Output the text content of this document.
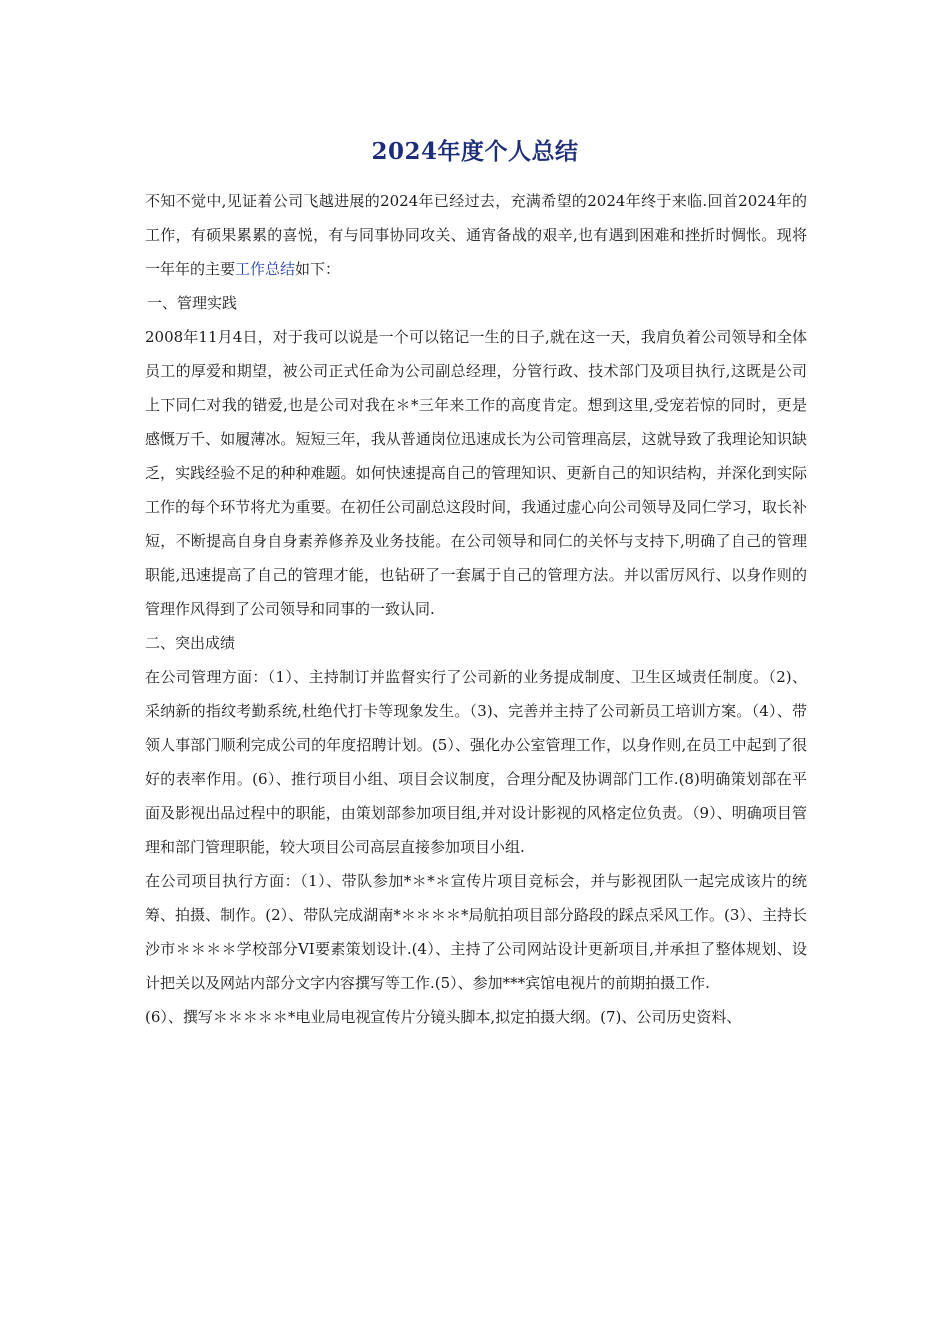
2024年度个人总结

不知不觉中,见证着公司飞越进展的2024年已经过去，充满希望的2024年终于来临.回首2024年的工作，有硕果累累的喜悦，有与同事协同攻关、通宵备战的艰辛,也有遇到困难和挫折时惆怅。现将一年年的主要工作总结如下：

一、管理实践

2008年11月4日，对于我可以说是一个可以铭记一生的日子,就在这一天，我肩负着公司领导和全体员工的厚爱和期望，被公司正式任命为公司副总经理，分管行政、技术部门及项目执行,这既是公司上下同仁对我的错爱,也是公司对我在＊*三年来工作的高度肯定。想到这里,受宠若惊的同时，更是感慨万千、如履薄冰。短短三年，我从普通岗位迅速成长为公司管理高层，这就导致了我理论知识缺乏，实践经验不足的种种难题。如何快速提高自己的管理知识、更新自己的知识结构，并深化到实际工作的每个环节将尤为重要。在初任公司副总这段时间，我通过虚心向公司领导及同仁学习，取长补短，不断提高自身自身素养修养及业务技能。在公司领导和同仁的关怀与支持下,明确了自己的管理职能,迅速提高了自己的管理才能，也钻研了一套属于自己的管理方法。并以雷厉风行、以身作则的管理作风得到了公司领导和同事的一致认同.

二、突出成绩

在公司管理方面：（1）、主持制订并监督实行了公司新的业务提成制度、卫生区域责任制度。（2)、采纳新的指纹考勤系统,杜绝代打卡等现象发生。（3)、完善并主持了公司新员工培训方案。（4）、带领人事部门顺利完成公司的年度招聘计划。(5）、强化办公室管理工作，以身作则,在员工中起到了很好的表率作用。(6）、推行项目小组、项目会议制度，合理分配及协调部门工作.(8)明确策划部在平面及影视出品过程中的职能，由策划部参加项目组,并对设计影视的风格定位负责。（9）、明确项目管理和部门管理职能，较大项目公司高层直接参加项目小组.

在公司项目执行方面：（1）、带队参加*＊*＊宣传片项目竞标会，并与影视团队一起完成该片的统筹、拍摄、制作。(2）、带队完成湖南*＊＊＊＊*局航拍项目部分路段的踩点采风工作。(3）、主持长沙市＊＊＊＊学校部分VI要素策划设计.(4）、主持了公司网站设计更新项目,并承担了整体规划、设计把关以及网站内部分文字内容撰写等工作.(5）、参加***宾馆电视片的前期拍摄工作.

(6）、撰写＊＊＊＊＊*电业局电视宣传片分镜头脚本,拟定拍摄大纲。(7)、公司历史资料、
